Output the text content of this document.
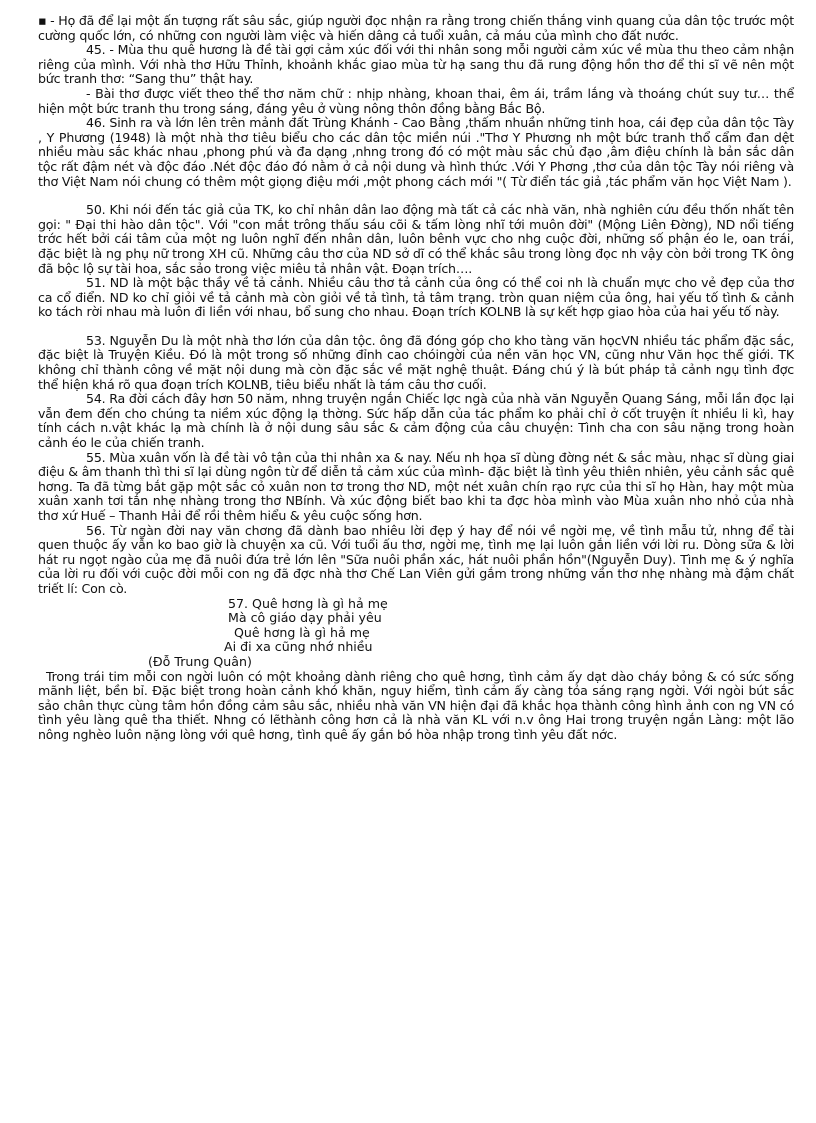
▪ - Họ đã để lại một ấn tượng rất sâu sắc, giúp người đọc nhận ra rằng trong chiến thắng vinh quang của dân tộc trước một cường quốc lớn, có những con người làm việc và hiến dâng cả tuổi xuân, cả máu của mình cho đất nước.

45. - Mùa thu quê hương là đề tài gợi cảm xúc đối với thi nhân song mỗi người cảm xúc về mùa thu theo cảm nhận riêng của mình. Với nhà thơ Hữu Thỉnh, khoảnh khắc giao mùa từ hạ sang thu đã rung động hồn thơ để thi sĩ vẽ nên một bức tranh thơ: “Sang thu” thật hay.

- Bài thơ được viết theo thể thơ năm chữ : nhịp nhàng, khoan thai, êm ái, trầm lắng và thoáng chút suy tư… thể hiện một bức tranh thu trong sáng, đáng yêu ở vùng nông thôn đồng bằng Bắc Bộ.

46. Sinh ra và lớn lên trên mảnh đất Trùng Khánh - Cao Bằng ,thấm nhuần những tinh hoa, cái đẹp của dân tộc Tày , Y Phương (1948) là một nhà thơ tiêu biểu cho các dân tộc miền núi ."Thơ Y Phương nh một bức tranh thổ cẩm đan dệt nhiều màu sắc khác nhau ,phong phú và đa dạng ,nhng trong đó có một màu sắc chủ đạo ,âm điệu chính là bản sắc dân tộc rất đậm nét và độc đáo .Nét độc đáo đó nằm ở cả nội dung và hình thức .Với Y Phơng ,thơ của dân tộc Tày nói riêng và thơ Việt Nam nói chung có thêm một giọng điệu mới ,một phong cách mới "( Từ điển tác giả ,tác phẩm văn học Việt Nam ).

50. Khi nói đến tác giả của TK, ko chỉ nhân dân lao động mà tất cả các nhà văn, nhà nghiên cứu đều thốn nhất tên gọi: " Đại thi hào dân tộc". Với "con mắt trông thấu sáu cõi & tấm lòng nhĩ tới muôn đời" (Mộng Liên Đờng), ND nổi tiếng trớc hết bởi cái tâm của một ng luôn nghĩ đến nhân dân, luôn bênh vực cho nhg cuộc đời, những số phận éo le, oan trái, đặc biệt là ng phụ nữ trong XH cũ. Những câu thơ của ND sở dĩ có thể khắc sâu trong lòng đọc nh vậy còn bởi trong TK ông đã bộc lộ sự tài hoa, sắc sảo trong việc miêu tả nhân vật. Đoạn trích….

51. ND là một bậc thầy về tả cảnh. Nhiều câu thơ tả cảnh của ông có thể coi nh là chuẩn mực cho vẻ đẹp của thơ ca cổ điển. ND ko chỉ giỏi về tả cảnh mà còn giỏi về tả tình, tả tâm trạng. tròn quan niệm của ông, hai yếu tố tình & cảnh ko tách rời nhau mà luôn đi liền với nhau, bổ sung cho nhau. Đoạn trích KOLNB là sự kết hợp giao hòa của hai yếu tố này.

53. Nguyễn Du là một nhà thơ lớn của dân tộc. ông đã đóng góp cho kho tàng văn họcVN nhiều tác phẩm đặc sắc, đặc biệt là Truyện Kiều. Đó là một trong số những đỉnh cao chóingời của nền văn học VN, cũng như Văn học thế giới. TK không chỉ thành công về mặt nội dung mà còn đặc sắc về mặt nghệ thuật. Đáng chú ý là bút pháp tả cảnh ngụ tình đợc thể hiện khá rõ qua đoạn trích KOLNB, tiêu biểu nhất là tám câu thơ cuối.

54. Ra đời cách đây hơn 50 năm, nhng truyện ngắn Chiếc lợc ngà của nhà văn Nguyễn Quang Sáng, mỗi lần đọc lại vẫn đem đến cho chúng ta niềm xúc động lạ thờng. Sức hấp dẫn của tác phẩm ko phải chỉ ở cốt truyện ít nhiều li kì, hay tính cách n.vật khác lạ mà chính là ở nội dung sâu sắc & cảm động của câu chuyện: Tình cha con sâu nặng trong hoàn cảnh éo le của chiến tranh.

55. Mùa xuân vốn là đề tài vô tận của thi nhân xa & nay. Nếu nh họa sĩ dùng đờng nét & sắc màu, nhạc sĩ dùng giai điệu & âm thanh thì thi sĩ lại dùng ngôn từ để diễn tả cảm xúc của mình- đặc biệt là tình yêu thiên nhiên, yêu cảnh sắc quê hơng. Ta đã từng bắt gặp một sắc cỏ xuân non tơ trong thơ ND, một nét xuân chín rạo rực của thi sĩ họ Hàn, hay một mùa xuân xanh tơi tắn nhẹ nhàng trong thơ NBính. Và xúc động biết bao khi ta đợc hòa mình vào Mùa xuân nho nhỏ của nhà thơ xứ Huế – Thanh Hải để rồi thêm hiểu & yêu cuộc sống hơn.

56. Từ ngàn đời nay văn chơng đã dành bao nhiêu lời đẹp ý hay để nói về ngời mẹ, về tình mẫu tử, nhng để tài quen thuộc ấy vẫn ko bao giờ là chuyện xa cũ. Với tuổi ấu thơ, ngời mẹ, tình mẹ lại luôn gắn liền với lời ru. Dòng sữa & lời hát ru ngọt ngào của mẹ đã nuôi đứa trẻ lớn lên "Sữa nuôi phần xác, hát nuôi phần hồn"(Nguyễn Duy). Tình mẹ & ý nghĩa của lời ru đối với cuộc đời mỗi con ng đã đợc nhà thơ Chế Lan Viên gửi gắm trong những vần thơ nhẹ nhàng mà đậm chất triết lí: Con cò.

57. Quê hơng là gì hả mẹ
Mà cô giáo dạy phải yêu
Quê hơng là gì hả mẹ
Ai đi xa cũng nhớ nhiều
(Đỗ Trung Quân)

Trong trái tim mỗi con ngời luôn có một khoảng dành riêng cho quê hơng, tình cảm ấy dạt dào cháy bỏng & có sức sống mãnh liệt, bền bỉ. Đặc biệt trong hoàn cảnh khó khăn, nguy hiểm, tình cảm ấy càng tỏa sáng rạng ngời. Với ngòi bút sắc sảo chân thực cùng tâm hồn đồng cảm sâu sắc, nhiều nhà văn VN hiện đại đã khắc họa thành công hình ảnh con ng VN có tình yêu làng quê tha thiết. Nhng có lẽthành công hơn cả là nhà văn KL với n.v ông Hai trong truyện ngắn Làng: một lão nông nghèo luôn nặng lòng với quê hơng, tình quê ấy gắn bó hòa nhập trong tình yêu đất nớc.
